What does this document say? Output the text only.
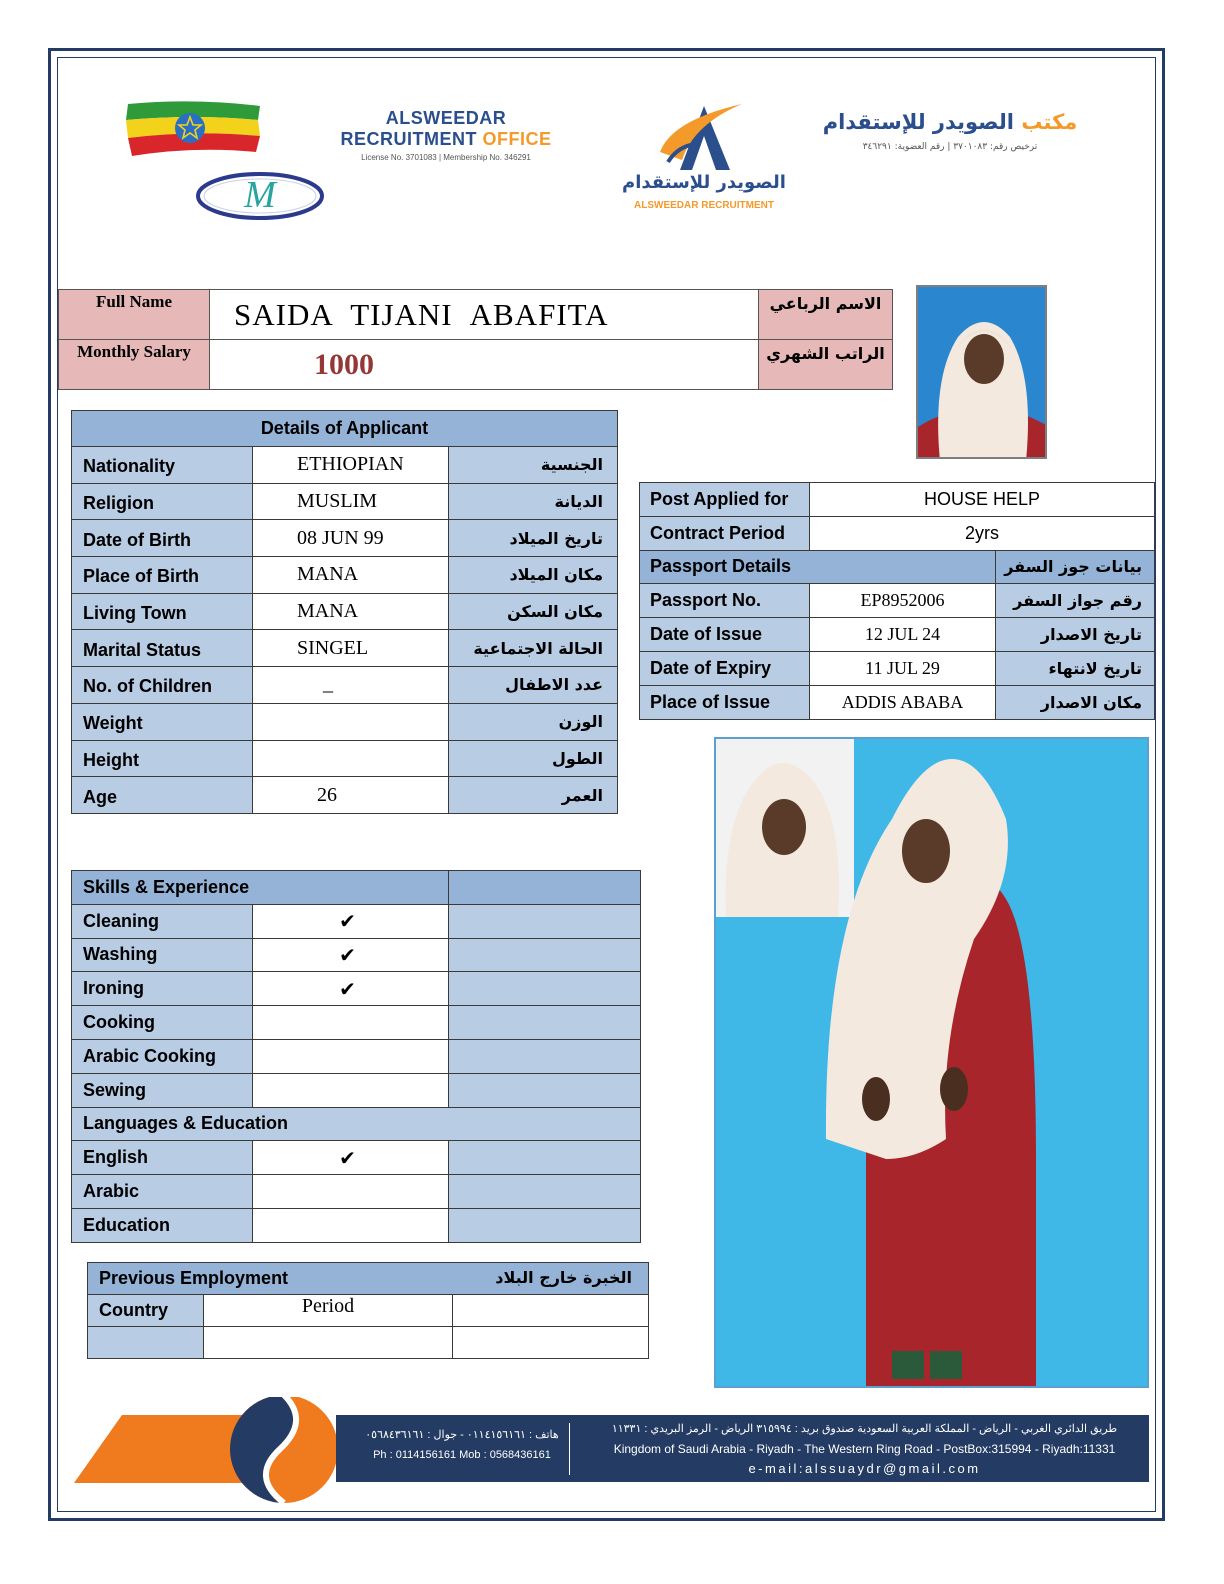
M
ALSWEEDAR
RECRUITMENT OFFICE
License No. 3701083 | Membership No. 346291
الصويدر للإستقدام
ALSWEEDAR RECRUITMENT
مكتب الصويدر للإستقدام
ترخيص رقم: ٣٧٠١٠٨٣ | رقم العضوية: ٣٤٦٢٩١
Full Name	SAIDA TIJANI ABAFITA	الاسم الرباعي
Monthly Salary	1000	الراتب الشهري
Details of Applicant		
Nationality	ETHIOPIAN	الجنسية
Religion	MUSLIM	الديانة
Date of Birth	08 JUN 99	تاريخ الميلاد
Place of Birth	MANA	مكان الميلاد
Living Town	MANA	مكان السكن
Marital Status	SINGEL	الحالة الاجتماعية
No. of Children	_	عدد الاطفال
Weight		الوزن
Height		الطول
Age	26	العمر
Post Applied for	HOUSE HELP	
Contract Period	2yrs	
Passport Details		بيانات جوز السفر
Passport No.	EP8952006	رقم جواز السفر
Date of Issue	12 JUL 24	تاريخ الاصدار
Date of Expiry	11 JUL 29	تاريخ لانتهاء
Place of Issue	ADDIS ABABA	مكان الاصدار
Skills & Experience		
Cleaning	✔	
Washing	✔	
Ironing	✔	
Cooking		
Arabic Cooking		
Sewing		
Languages & Education		
English	✔	
Arabic		
Education		
Previous Employment الخبرة خارج البلاد		

Country	Period	

هاتف : ٠١١٤١٥٦١٦١ - جوال : ٠٥٦٨٤٣٦١٦١
Ph : 0114156161 Mob : 0568436161
طريق الدائري الغربي - الرياض - المملكة العربية السعودية صندوق بريد : ٣١٥٩٩٤ الرياض - الرمز البريدي : ١١٣٣١
Kingdom of Saudi Arabia - Riyadh - The Western Ring Road - PostBox:315994 - Riyadh:11331
e-mail:alssuaydr@gmail.com
